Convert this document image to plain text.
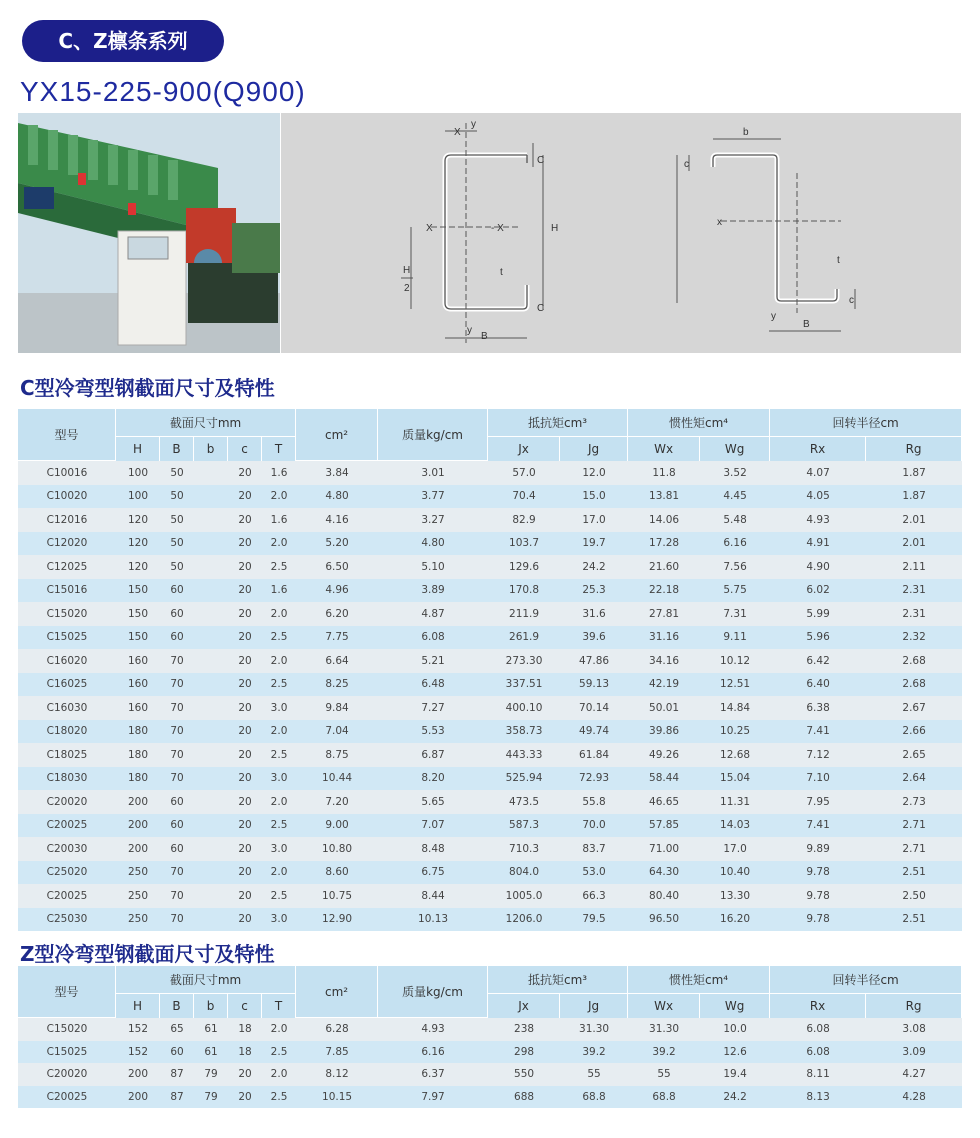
C、Z檩条系列
YX15-225-900(Q900)
X
y
C
H
X	- X
H
2
t
C
y
B
b
c
x
t
c
y
B
C型冷弯型钢截面尺寸及特性
型号	截面尺寸mm					cm²	质量kg/cm	抵抗矩cm³		惯性矩cm⁴		回转半径cm	
	H	B	b	c	T			Jx	Jg	Wx	Wg	Rx	Rg
C10016	100	50		20	1.6	3.84	3.01	57.0	12.0	11.8	3.52	4.07	1.87
C10020	100	50		20	2.0	4.80	3.77	70.4	15.0	13.81	4.45	4.05	1.87
C12016	120	50		20	1.6	4.16	3.27	82.9	17.0	14.06	5.48	4.93	2.01
C12020	120	50		20	2.0	5.20	4.80	103.7	19.7	17.28	6.16	4.91	2.01
C12025	120	50		20	2.5	6.50	5.10	129.6	24.2	21.60	7.56	4.90	2.11
C15016	150	60		20	1.6	4.96	3.89	170.8	25.3	22.18	5.75	6.02	2.31
C15020	150	60		20	2.0	6.20	4.87	211.9	31.6	27.81	7.31	5.99	2.31
C15025	150	60		20	2.5	7.75	6.08	261.9	39.6	31.16	9.11	5.96	2.32
C16020	160	70		20	2.0	6.64	5.21	273.30	47.86	34.16	10.12	6.42	2.68
C16025	160	70		20	2.5	8.25	6.48	337.51	59.13	42.19	12.51	6.40	2.68
C16030	160	70		20	3.0	9.84	7.27	400.10	70.14	50.01	14.84	6.38	2.67
C18020	180	70		20	2.0	7.04	5.53	358.73	49.74	39.86	10.25	7.41	2.66
C18025	180	70		20	2.5	8.75	6.87	443.33	61.84	49.26	12.68	7.12	2.65
C18030	180	70		20	3.0	10.44	8.20	525.94	72.93	58.44	15.04	7.10	2.64
C20020	200	60		20	2.0	7.20	5.65	473.5	55.8	46.65	11.31	7.95	2.73
C20025	200	60		20	2.5	9.00	7.07	587.3	70.0	57.85	14.03	7.41	2.71
C20030	200	60		20	3.0	10.80	8.48	710.3	83.7	71.00	17.0	9.89	2.71
C25020	250	70		20	2.0	8.60	6.75	804.0	53.0	64.30	10.40	9.78	2.51
C20025	250	70		20	2.5	10.75	8.44	1005.0	66.3	80.40	13.30	9.78	2.50
C25030	250	70		20	3.0	12.90	10.13	1206.0	79.5	96.50	16.20	9.78	2.51
Z型冷弯型钢截面尺寸及特性
型号	截面尺寸mm					cm²	质量kg/cm	抵抗矩cm³		惯性矩cm⁴		回转半径cm	
	H	B	b	c	T			Jx	Jg	Wx	Wg	Rx	Rg
C15020	152	65	61	18	2.0	6.28	4.93	238	31.30	31.30	10.0	6.08	3.08
C15025	152	60	61	18	2.5	7.85	6.16	298	39.2	39.2	12.6	6.08	3.09
C20020	200	87	79	20	2.0	8.12	6.37	550	55	55	19.4	8.11	4.27
C20025	200	87	79	20	2.5	10.15	7.97	688	68.8	68.8	24.2	8.13	4.28
